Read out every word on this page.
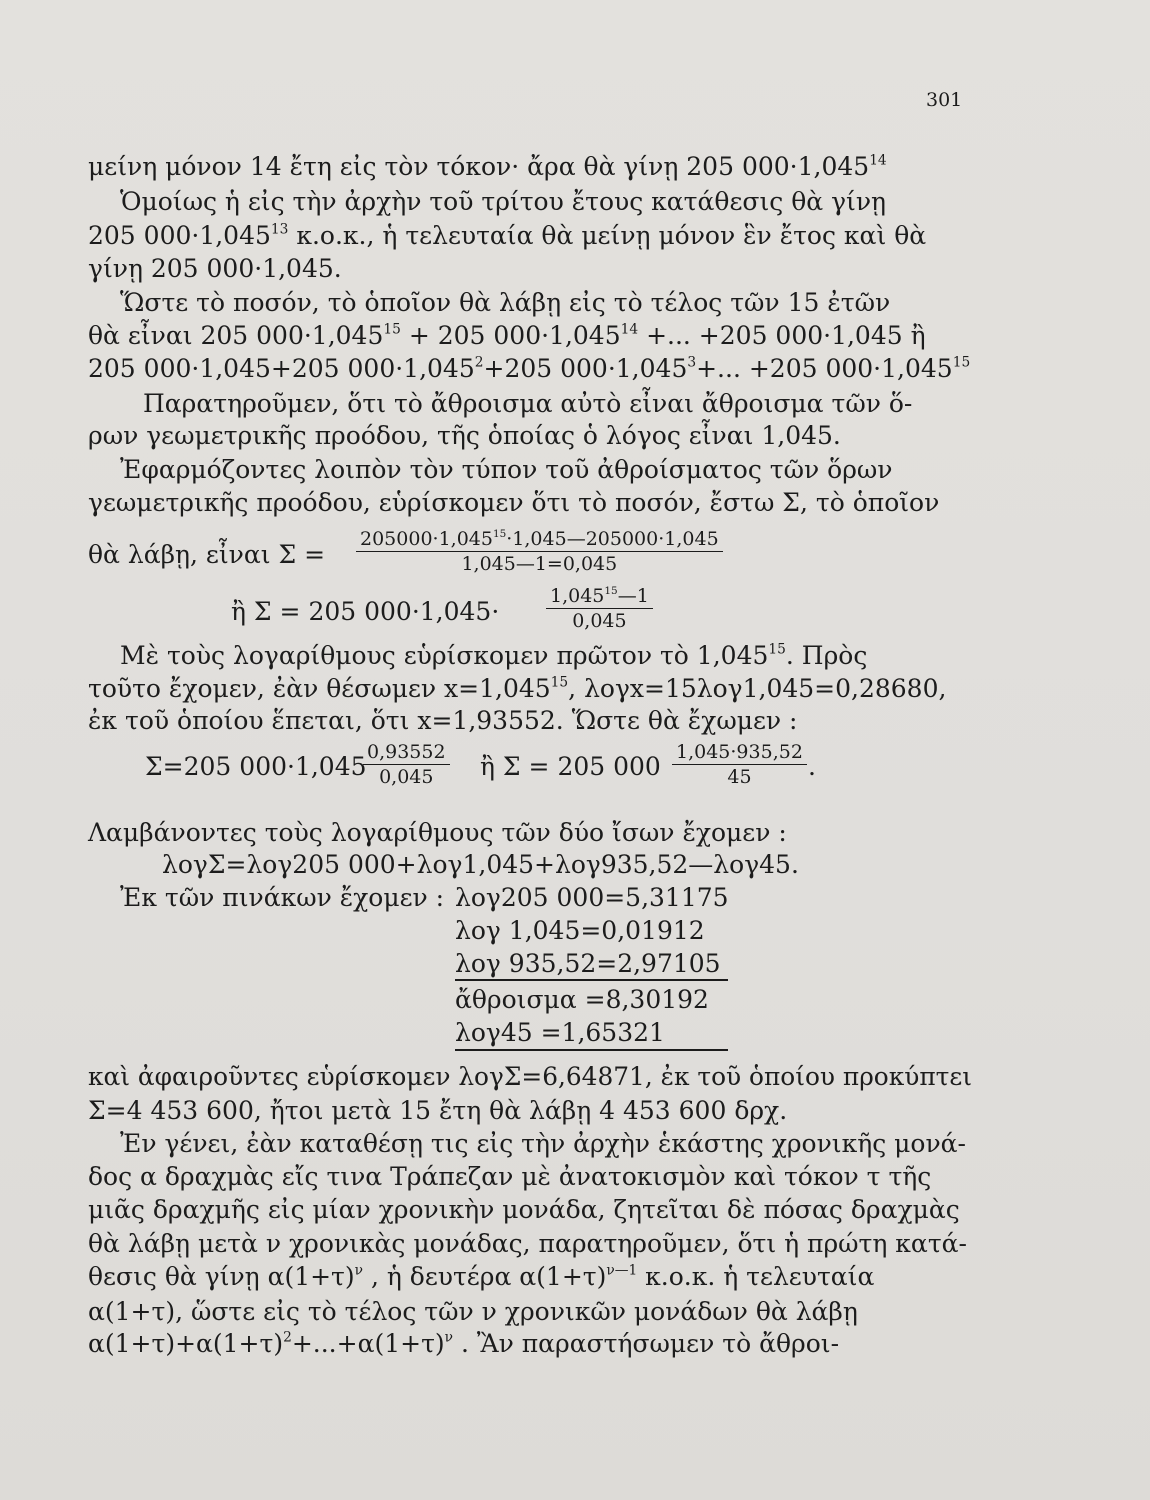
301
μείνη μόνον 14 ἔτη εἰς τὸν τόκον· ἄρα θὰ γίνῃ 205 $000\cdot 1,045^{14}$
Ὁμοίως ἡ εἰς τὴν ἀρχὴν τοῦ τρίτου ἔτους κατάθεσις θὰ γίνῃ
205 $000\cdot 1,045^{13}$ κ.ο.κ., ἡ τελευταία θὰ μείνῃ μόνον ἓν ἔτος καὶ θὰ
γίνῃ 205 000·1,045.
Ὥστε τὸ ποσόν, τὸ ὁποῖον θὰ λάβῃ εἰς τὸ τέλος τῶν 15 ἐτῶν
θὰ εἶναι 205 $000\cdot 1,045^{15} + 205$ $000\cdot 1,045^{14}$ +... +205 000·1,045 ἢ
205 000·1,045+205 $000\cdot 1,045^2+205$ $000\cdot 1,045^3+$... +205 $000\cdot 1,045^{15}$
Παρατηροῦμεν, ὅτι τὸ ἄθροισμα αὐτὸ εἶναι ἄθροισμα τῶν ὅ-
ρων γεωμετρικῆς προόδου, τῆς ὁποίας ὁ λόγος εἶναι 1,045.
Ἐφαρμόζοντες λοιπὸν τὸν τύπον τοῦ ἀθροίσματος τῶν ὅρων
γεωμετρικῆς προόδου, εὑρίσκομεν ὅτι τὸ ποσόν, ἔστω Σ, τὸ ὁποῖον
θὰ λάβῃ, εἶναι $\Sigma = \frac{205000\cdot 1,045^{15}\cdot 1,045—205000\cdot 1,045}{1,045—1=0,045}$
ἢ Σ = 205 $000\cdot 1,045\cdot \frac{1,045^{15}—1}{0,045}$
Μὲ τοὺς λογαρίθμους εὑρίσκομεν πρῶτον τὸ 1,045$^{15}$. Πρὸς
τοῦτο ἔχομεν, ἐὰν θέσωμεν $x=1,045^{15}$, λογx=15λογ1,045=0,28680,
ἐκ τοῦ ὁποίου ἕπεται, ὅτι x=1,93552. Ὥστε θὰ ἔχωμεν :
Σ=205 000·1,045
$\frac{0,93552}{0,045}$ ἢ Σ = 205 $000 \frac{1,045\cdot 935,52}{45}$ .
Λαμβάνοντες τοὺς λογαρίθμους τῶν δύο ἴσων ἔχομεν :
λογΣ=λογ205 000+λογ1,045+λογ935,52—λογ45.
Ἐκ τῶν πινάκων ἔχομεν : λογ205 000=5,31175
λογ 1,045=0,01912
λογ 935,52=2,97105
ἄθροισμα =8,30192
λογ45 =1,65321
καὶ ἀφαιροῦντες εὑρίσκομεν λογΣ=6,64871, ἐκ τοῦ ὁποίου προκύπτει
Σ=4 453 600, ἤτοι μετὰ 15 ἔτη θὰ λάβῃ 4 453 600 δρχ.
Ἐν γένει, ἐὰν καταθέσῃ τις εἰς τὴν ἀρχὴν ἑκάστης χρονικῆς μονά-
δος α δραχμὰς εἴς τινα Τράπεζαν μὲ ἀνατοκισμὸν καὶ τόκον τ τῆς
μιᾶς δραχμῆς εἰς μίαν χρονικὴν μονάδα, ζητεῖται δὲ πόσας δραχμὰς
θὰ λάβῃ μετὰ ν χρονικὰς μονάδας, παρατηροῦμεν, ὅτι ἡ πρώτη κατά-
θεσις θὰ γίνῃ $\alpha(1+\tau)^\nu$ , ἡ δευτέρα $\alpha(1+\tau)^{\nu—1}$ κ.ο.κ. ἡ τελευταία
α(1+τ), ὥστε εἰς τὸ τέλος τῶν ν χρονικῶν μονάδων θὰ λάβῃ
$\alpha(1+\tau)+\alpha(1+\tau)^2+...+\alpha(1+\tau)^\nu$ . Ἂν παραστήσωμεν τὸ ἄθροι-
